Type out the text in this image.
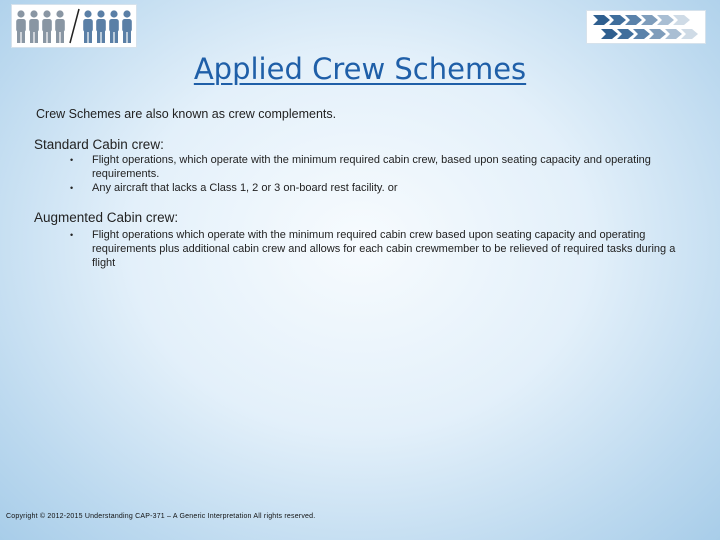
Applied Crew Schemes
Crew Schemes are also known as crew complements.
Standard Cabin crew:
• Flight operations, which operate with the minimum required cabin crew, based upon seating capacity and operating requirements.
• Any aircraft that lacks a Class 1, 2 or 3 on-board rest facility. or
Augmented Cabin crew:
• Flight operations which operate with the minimum required cabin crew based upon seating capacity and operating requirements plus additional cabin crew and allows for each cabin crewmember to be relieved of required tasks during a flight
Copyright © 2012-2015 Understanding CAP-371 – A Generic Interpretation All rights reserved.
